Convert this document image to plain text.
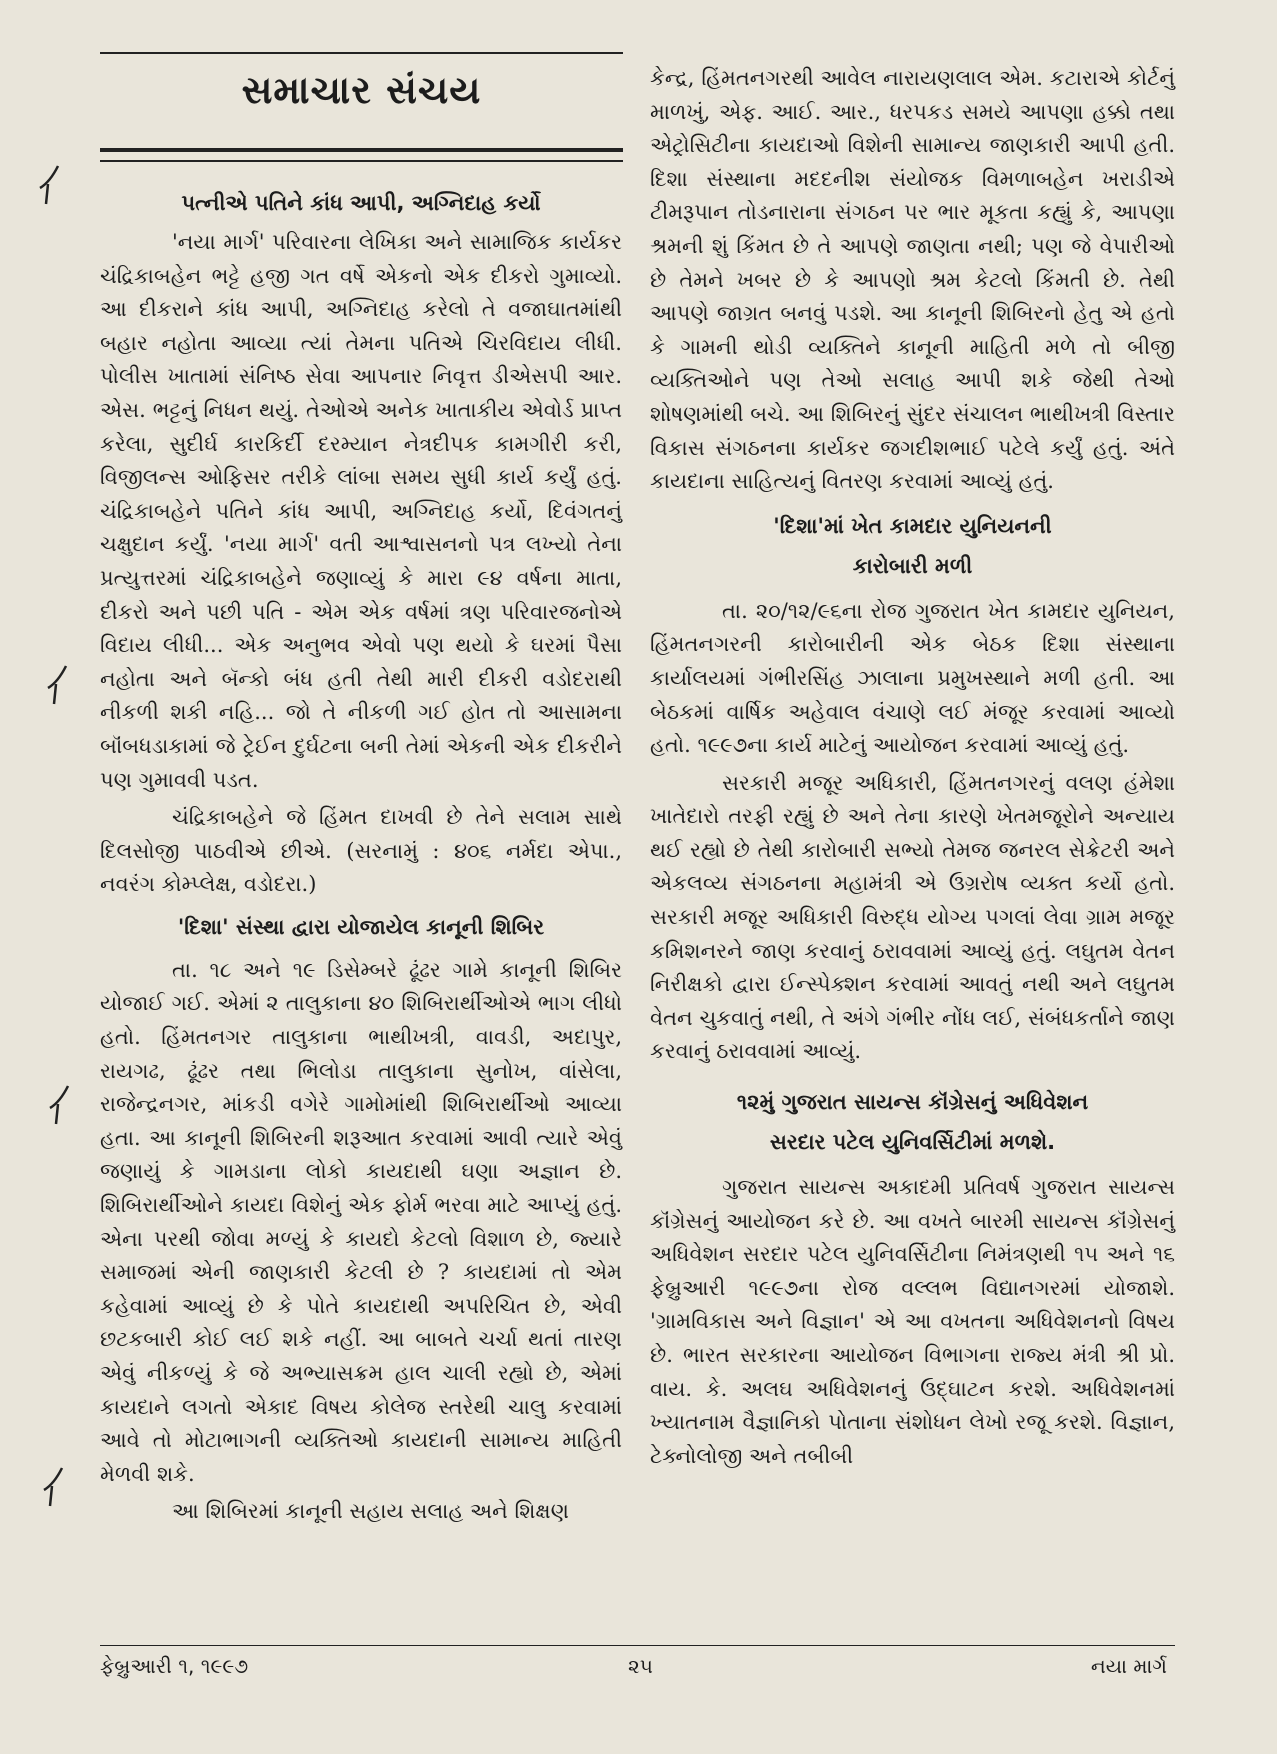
સમાચાર સંચય
પત્નીએ પતિને કાંધ આપી, અગ્નિદાહ કર્યો

'નયા માર્ગ' પરિવારના લેખિકા અને સામાજિક કાર્યકર ચંદ્રિકાબહેન ભટ્ટે હજી ગત વર્ષે એકનો એક દીકરો ગુમાવ્યો. આ દીકરાને કાંધ આપી, અગ્નિદાહ કરેલો તે વજાઘાતમાંથી બહાર નહોતા આવ્યા ત્યાં તેમના પતિએ ચિરવિદાય લીધી. પોલીસ ખાતામાં સંનિષ્ઠ સેવા આપનાર નિવૃત્ત ડીએસપી આર. એસ. ભટ્ટનું નિધન થયું. તેઓએ અનેક ખાતાકીય એવોર્ડ પ્રાપ્ત કરેલા, સુદીર્ઘ કારકિર્દી દરમ્યાન નેત્રદીપક કામગીરી કરી, વિજીલન્સ ઓફિસર તરીકે લાંબા સમય સુધી કાર્ય કર્યું હતું. ચંદ્રિકાબહેને પતિને કાંધ આપી, અગ્નિદાહ કર્યો, દિવંગતનું ચક્ષુદાન કર્યું. 'નયા માર્ગ' વતી આશ્વાસનનો પત્ર લખ્યો તેના પ્રત્યુત્તરમાં ચંદ્રિકાબહેને જણાવ્યું કે મારા ૯૪ વર્ષના માતા, દીકરો અને પછી પતિ - એમ એક વર્ષમાં ત્રણ પરિવારજનોએ વિદાય લીધી... એક અનુભવ એવો પણ થયો કે ઘરમાં પૈસા નહોતા અને બૅન્કો બંધ હતી તેથી મારી દીકરી વડોદરાથી નીકળી શકી નહિ... જો તે નીકળી ગઈ હોત તો આસામના બૉંબધડાકામાં જે ટ્રેઈન દુર્ઘટના બની તેમાં એકની એક દીકરીને પણ ગુમાવવી પડત.

ચંદ્રિકાબહેને જે હિંમત દાખવી છે તેને સલામ સાથે દિલસોજી પાઠવીએ છીએ. (સરનામું : ૪૦૬ નર્મદા એપા., નવરંગ કોમ્પ્લેક્ષ, વડોદરા.)

'દિશા' સંસ્થા દ્વારા યોજાયેલ કાનૂની શિબિર

તા. ૧૮ અને ૧૯ ડિસેમ્બરે ઢૂંઢર ગામે કાનૂની શિબિર યોજાઈ ગઈ. એમાં ૨ તાલુકાના ૪૦ શિબિરાર્થીઓએ ભાગ લીધો હતો. હિંમતનગર તાલુકાના ભાથીખત્રી, વાવડી, અદાપુર, રાયગઢ, ઢૂંઢર તથા ભિલોડા તાલુકાના સુનોખ, વાંસેલા, રાજેન્દ્રનગર, માંકડી વગેરે ગામોમાંથી શિબિરાર્થીઓ આવ્યા હતા. આ કાનૂની શિબિરની શરૂઆત કરવામાં આવી ત્યારે એવું જણાયું કે ગામડાના લોકો કાયદાથી ઘણા અજ્ઞાન છે. શિબિરાર્થીઓને કાયદા વિશેનું એક ફોર્મ ભરવા માટે આપ્યું હતું. એના પરથી જોવા મળ્યું કે કાયદો કેટલો વિશાળ છે, જ્યારે સમાજમાં એની જાણકારી કેટલી છે ? કાયદામાં તો એમ કહેવામાં આવ્યું છે કે પોતે કાયદાથી અપરિચિત છે, એવી છટકબારી કોઈ લઈ શકે નહીં. આ બાબતે ચર્ચા થતાં તારણ એવું નીકળ્યું કે જે અભ્યાસક્રમ હાલ ચાલી રહ્યો છે, એમાં કાયદાને લગતો એકાદ વિષય કોલેજ સ્તરેથી ચાલુ કરવામાં આવે તો મોટાભાગની વ્યક્તિઓ કાયદાની સામાન્ય માહિતી મેળવી શકે.

આ શિબિરમાં કાનૂની સહાય સલાહ અને શિક્ષણ

કેન્દ્ર, હિંમતનગરથી આવેલ નારાયણલાલ એમ. કટારાએ કોર્ટનું માળખું, એફ. આઈ. આર., ધરપકડ સમયે આપણા હક્કો તથા એટ્રોસિટીના કાયદાઓ વિશેની સામાન્ય જાણકારી આપી હતી. દિશા સંસ્થાના મદદનીશ સંયોજક વિમળાબહેન ખરાડીએ ટીમરૂપાન તોડનારાના સંગઠન પર ભાર મૂકતા કહ્યું કે, આપણા શ્રમની શું કિંમત છે તે આપણે જાણતા નથી; પણ જે વેપારીઓ છે તેમને ખબર છે કે આપણો શ્રમ કેટલો કિંમતી છે. તેથી આપણે જાગ્રત બનવું પડશે. આ કાનૂની શિબિરનો હેતુ એ હતો કે ગામની થોડી વ્યક્તિને કાનૂની માહિતી મળે તો બીજી વ્યક્તિઓને પણ તેઓ સલાહ આપી શકે જેથી તેઓ શોષણમાંથી બચે. આ શિબિરનું સુંદર સંચાલન ભાથીખત્રી વિસ્તાર વિકાસ સંગઠનના કાર્યકર જગદીશભાઈ પટેલે કર્યું હતું. અંતે કાયદાના સાહિત્યનું વિતરણ કરવામાં આવ્યું હતું.

'દિશા'માં ખેત કામદાર યુનિયનની
કારોબારી મળી

તા. ૨૦/૧૨/૯૬ના રોજ ગુજરાત ખેત કામદાર યુનિયન, હિંમતનગરની કારોબારીની એક બેઠક દિશા સંસ્થાના કાર્યાલયમાં ગંભીરસિંહ ઝાલાના પ્રમુખસ્થાને મળી હતી. આ બેઠકમાં વાર્ષિક અહેવાલ વંચાણે લઈ મંજૂર કરવામાં આવ્યો હતો. ૧૯૯૭ના કાર્ય માટેનું આયોજન કરવામાં આવ્યું હતું.

સરકારી મજૂર અધિકારી, હિંમતનગરનું વલણ હંમેશા ખાતેદારો તરફી રહ્યું છે અને તેના કારણે ખેતમજૂરોને અન્યાય થઈ રહ્યો છે તેથી કારોબારી સભ્યો તેમજ જનરલ સેક્રેટરી અને એકલવ્ય સંગઠનના મહામંત્રી એ ઉગ્રરોષ વ્યક્ત કર્યો હતો. સરકારી મજૂર અધિકારી વિરુદ્ધ યોગ્ય પગલાં લેવા ગ્રામ મજૂર કમિશનરને જાણ કરવાનું ઠરાવવામાં આવ્યું હતું. લઘુતમ વેતન નિરીક્ષકો દ્વારા ઈન્સ્પેક્શન કરવામાં આવતું નથી અને લઘુતમ વેતન ચુકવાતું નથી, તે અંગે ગંભીર નોંધ લઈ, સંબંધકર્તાને જાણ કરવાનું ઠરાવવામાં આવ્યું.

૧૨મું ગુજરાત સાયન્સ કૉંગ્રેસનું અધિવેશન
સરદાર પટેલ યુનિવર્સિટીમાં મળશે.

ગુજરાત સાયન્સ અકાદમી પ્રતિવર્ષ ગુજરાત સાયન્સ કૉંગ્રેસનું આયોજન કરે છે. આ વખતે બારમી સાયન્સ કૉંગ્રેસનું અધિવેશન સરદાર પટેલ યુનિવર્સિટીના નિમંત્રણથી ૧૫ અને ૧૬ ફેબ્રુઆરી ૧૯૯૭ના રોજ વલ્લભ વિદ્યાનગરમાં યોજાશે. 'ગ્રામવિકાસ અને વિજ્ઞાન' એ આ વખતના અધિવેશનનો વિષય છે. ભારત સરકારના આયોજન વિભાગના રાજ્ય મંત્રી શ્રી પ્રો. વાય. કે. અલઘ અધિવેશનનું ઉદ્ઘાટન કરશે. અધિવેશનમાં ખ્યાતનામ વૈજ્ઞાનિકો પોતાના સંશોધન લેખો રજૂ કરશે. વિજ્ઞાન, ટેક્નોલોજી અને તબીબી

ફેબ્રુઆરી ૧, ૧૯૯૭	૨૫	નયા માર્ગ
